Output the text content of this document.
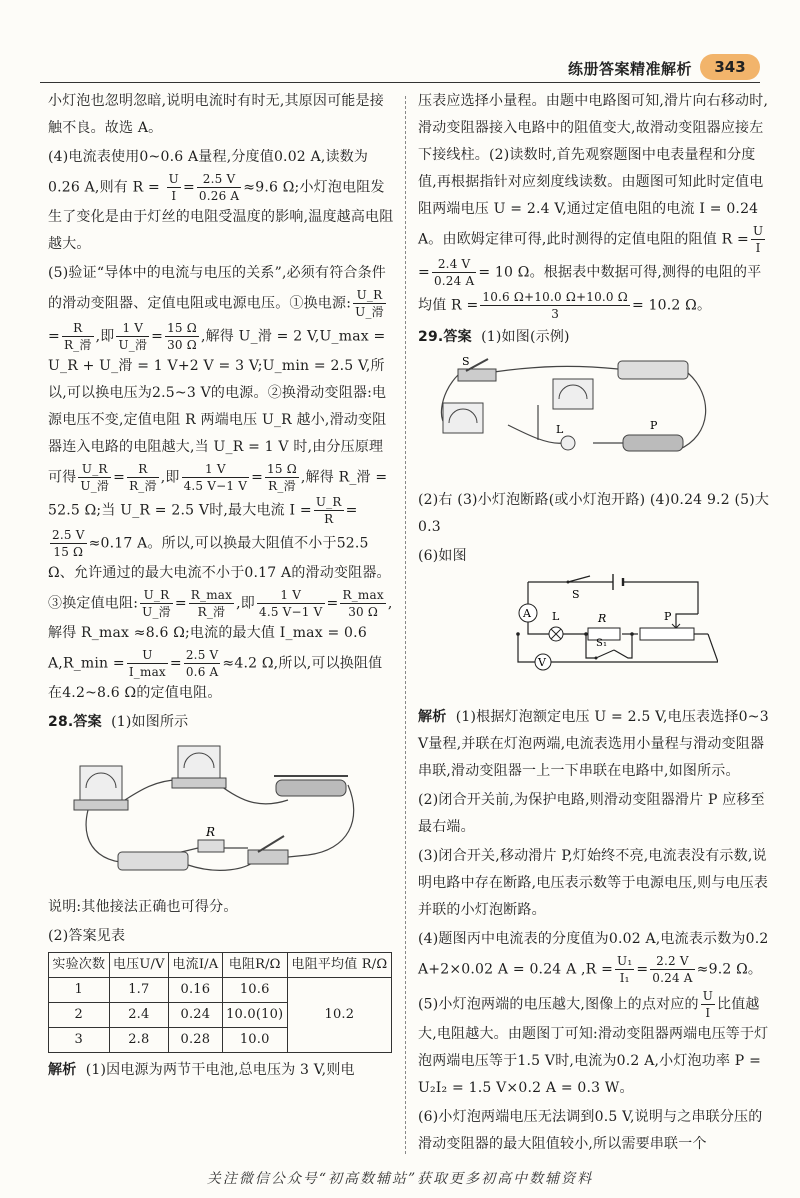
练册答案精准解析	343

小灯泡也忽明忽暗,说明电流时有时无,其原因可能是接触不良。故选 A。

(4)电流表使用0~0.6 A量程,分度值0.02 A,读数为0.26 A,则有 $R = \frac{U}{I} = \frac{2.5 V}{0.26 A} \approx 9.6$ Ω;小灯泡电阻发生了变化是由于灯丝的电阻受温度的影响,温度越高电阻越大。

(5)验证“导体中的电流与电压的关系”,必须有符合条件的滑动变阻器、定值电阻或电源电压。①换电源: $\frac{U\_R}{\text{U\_滑}}$
= $\frac{R}{\text{R\_滑}}$ ,即 $\frac{1 V}{\text{U\_滑}} = \frac{15 \Omega}{30 \Omega}$ ,解得 U_滑 = 2 V,U_max = U_R + U_滑 = 1 V+2 V = 3 V;U_min = 2.5 V,所以,可以换电压为2.5~3 V的电源。②换滑动变阻器:电源电压不变,定值电阻 R 两端电压 U_R 越小,滑动变阻器连入电路的电阻越大,当 U_R = 1 V 时,由分压原理可得 $\frac{U\_R}{\text{U\_滑}} = \frac{R}{\text{R\_滑}}$ ,即 $\frac{1 V}{4.5 V-1 V} = \frac{15 \Omega}{\text{R\_滑}}$ ,解得 R_滑 = 52.5 Ω;当 U_R = 2.5 V时,最大电流 $I = \frac{U\_R}{R}$ =
$\frac{2.5 V}{15 \Omega} \approx 0.17$ A。所以,可以换最大阻值不小于52.5 Ω、允许通过的最大电流不小于0.17 A的滑动变阻器。③换定值电阻: $\frac{U\_R}{\text{U\_滑}} = \frac{R\_\max}{\text{R\_滑}}$ ,即 $\frac{1 V}{4.5 V-1 V} = \frac{R\_\max}{30 \Omega}$ ,解得 R_max ≈8.6 Ω;电流的最大值 I_max = 0.6 A,R_min = $\frac{U}{I\_\max} = \frac{2.5 V}{0.6 A} \approx 4.2$ Ω,所以,可以换阻值在4.2~8.6 Ω的定值电阻。

28.答案 (1)如图所示

R

说明:其他接法正确也可得分。

(2)答案见表

实验次数	电压U/V	电流I/A	电阻R/Ω	电阻平均值 R/Ω
1	1.7	0.16	10.6	10.2
2	2.4	0.24	10.0(10)	
3	2.8	0.28	10.0	

解析 (1)因电源为两节干电池,总电压为 3 V,则电

压表应选择小量程。由题中电路图可知,滑片向右移动时,滑动变阻器接入电路中的阻值变大,故滑动变阻器应接左下接线柱。(2)读数时,首先观察题图中电表量程和分度值,再根据指针对应刻度线读数。由题图可知此时定值电阻两端电压 U = 2.4 V,通过定值电阻的电流 I = 0.24 A。由欧姆定律可得,此时测得的定值电阻的阻值 $R = \frac{U}{I}$
= $\frac{2.4 V}{0.24 A} = 10$ Ω。根据表中数据可得,测得的电阻的平均值 $R = \frac{10.6 \Omega+10.0 \Omega+10.0 \Omega}{3} = 10.2$ Ω。

29.答案 (1)如图(示例)

S
L	P

(2)右 (3)小灯泡断路(或小灯泡开路) (4)0.24 9.2 (5)大 0.3

(6)如图

S
A L	R	P
S₁
V

解析 (1)根据灯泡额定电压 U = 2.5 V,电压表选择0~3 V量程,并联在灯泡两端,电流表选用小量程与滑动变阻器串联,滑动变阻器一上一下串联在电路中,如图所示。

(2)闭合开关前,为保护电路,则滑动变阻器滑片 P 应移至最右端。

(3)闭合开关,移动滑片 P,灯始终不亮,电流表没有示数,说明电路中存在断路,电压表示数等于电源电压,则与电压表并联的小灯泡断路。

(4)题图丙中电流表的分度值为0.02 A,电流表示数为0.2 A+2×0.02 A = 0.24 A $,R = \frac{\text{U₁}}{\text{I₁}} = \frac{2.2 V}{0.24 A} \approx 9.2$ Ω。

(5)小灯泡两端的电压越大,图像上的点对应的 $\frac{U}{I}$ 比值越大,电阻越大。由题图丁可知:滑动变阻器两端电压等于灯泡两端电压等于1.5 V时,电流为0.2 A,小灯泡功率 P = U₂I₂ = 1.5 V×0.2 A = 0.3 W。

(6)小灯泡两端电压无法调到0.5 V,说明与之串联分压的滑动变阻器的最大阻值较小,所以需要串联一个

关注微信公众号“初高数辅站”获取更多初高中数辅资料
